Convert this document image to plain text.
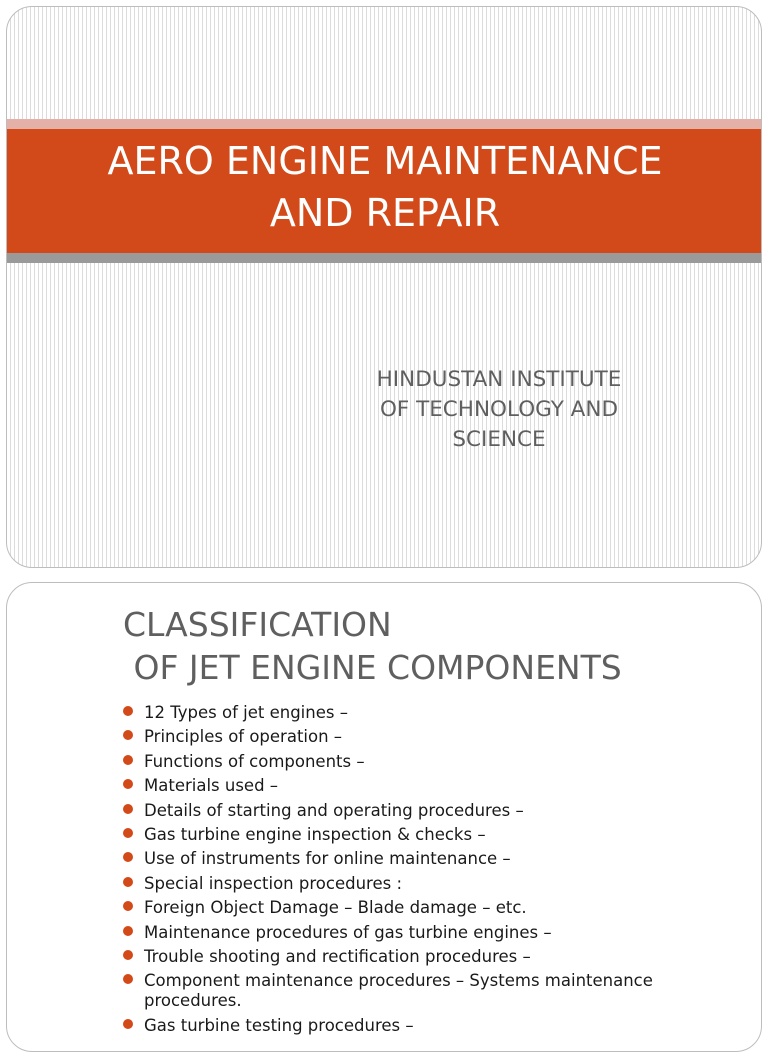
AERO ENGINE MAINTENANCE
AND REPAIR
HINDUSTAN INSTITUTE
OF TECHNOLOGY AND
SCIENCE
CLASSIFICATION
OF JET ENGINE COMPONENTS
12 Types of jet engines –
Principles of operation –
Functions of components –
Materials used –
Details of starting and operating procedures –
Gas turbine engine inspection & checks –
Use of instruments for online maintenance –
Special inspection procedures :
Foreign Object Damage – Blade damage – etc.
Maintenance procedures of gas turbine engines –
Trouble shooting and rectification procedures –
Component maintenance procedures – Systems maintenance procedures.
Gas turbine testing procedures –
